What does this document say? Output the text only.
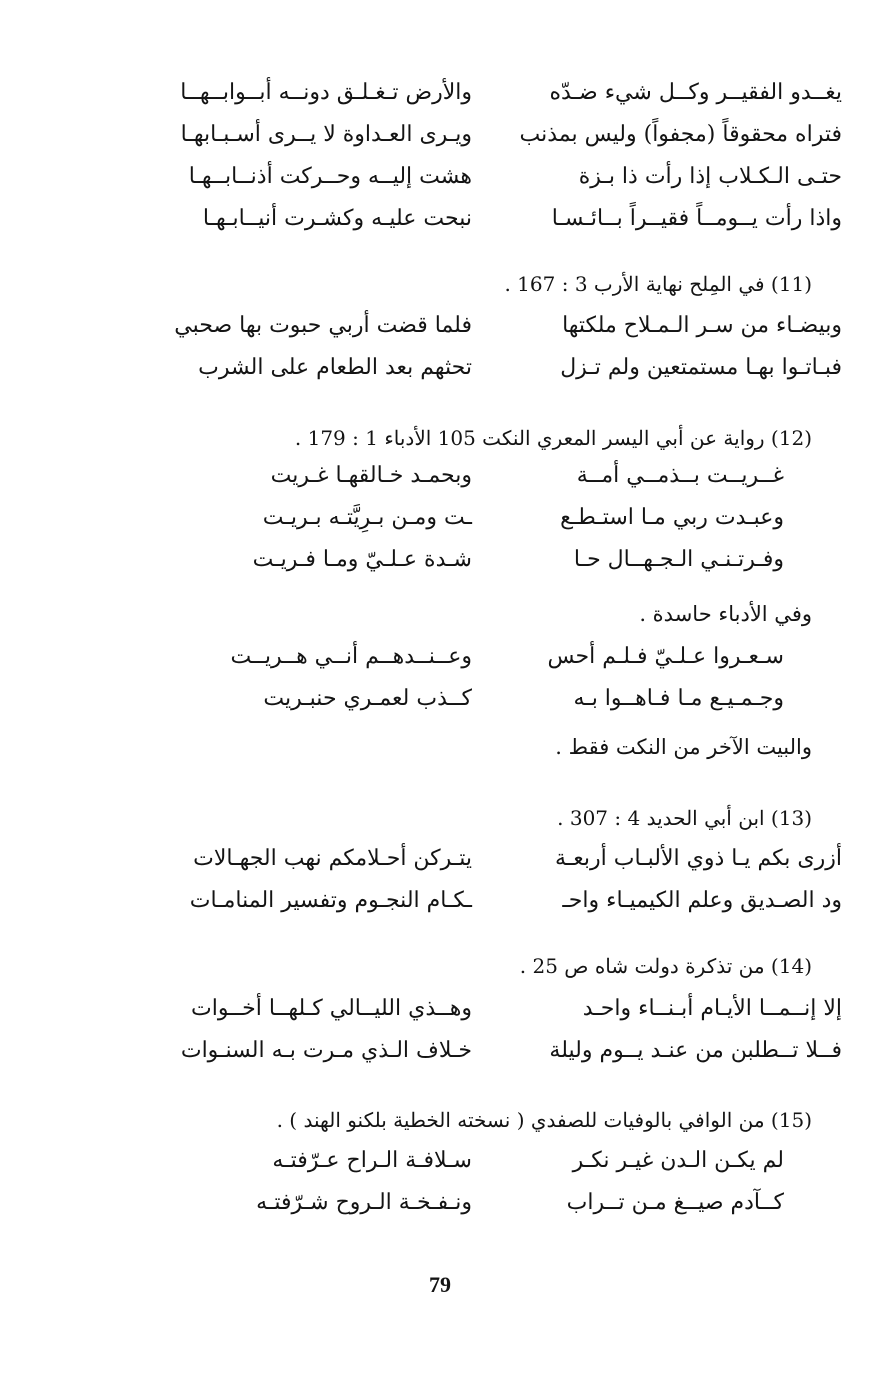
يغــدو الفقيــر وكــل شيء ضـدّه
والأرض تـغـلـق دونــه أبــوابــهــا
فتراه محقوقاً (مجفواً) وليس بمذنب
ويـرى العـداوة لا يــرى أسـبـابهـا
حتـى الـكـلاب إذا رأت ذا بـزة
هشت إليــه وحــركت أذنــابــهـا
واذا رأت يــومــاً فقيــراً بــائـسـا
نبحت عليـه وكشـرت أنيــابـهـا
(11) في المِلح نهاية الأرب 3 : 167 .
وبيضـاء من سـر الـمـلاح ملكتها
فلما قضت أربي حبوت بها صحبي
فبـاتـوا بهـا مستمتعين ولم تـزل
تحثهم بعد الطعام على الشرب
(12) رواية عن أبي اليسر المعري النكت 105 الأدباء 1 : 179 .
غــريــت بــذمــي أمــة
وبحمـد خـالقهـا غـريت
وعبـدت ربي مـا استـطـع
ـت ومـن بـرِيَّتـه بـريـت
وفـرتـنـي الـجـهــال حـا
شـدة عـلـيّ ومـا فـريـت
وفي الأدباء حاسدة .
سـعـروا عـلـيّ فـلـم أحس
وعــنــدهــم أنــي هــريــت
وجـمـيـع مـا فـاهــوا بـه
كــذب لعمـري حنبـريت
والبيت الآخر من النكت فقط .
(13) ابن أبي الحديد 4 : 307 .
أزرى بكم يـا ذوي الألبـاب أربعـة
يتـركن أحـلامكم نهب الجهـالات
ود الصـديق وعلم الكيميـاء واحـ
ـكـام النجـوم وتفسير المنامـات
(14) من تذكرة دولت شاه ص 25 .
إلا إنــمــا الأيـام أبـنــاء واحـد
وهــذي الليــالي كـلهــا أخــوات
فــلا تــطلبن من عنـد يــوم وليلة
خـلاف الـذي مـرت بـه السنـوات
(15) من الوافي بالوفيات للصفدي ( نسخته الخطية بلكنو الهند ) .
لم يكـن الـدن غيـر نكـر
سـلافـة الـراح عـرّفتـه
كــآدم صيــغ مـن تــراب
ونـفـخـة الـروح شـرّفتـه
79
